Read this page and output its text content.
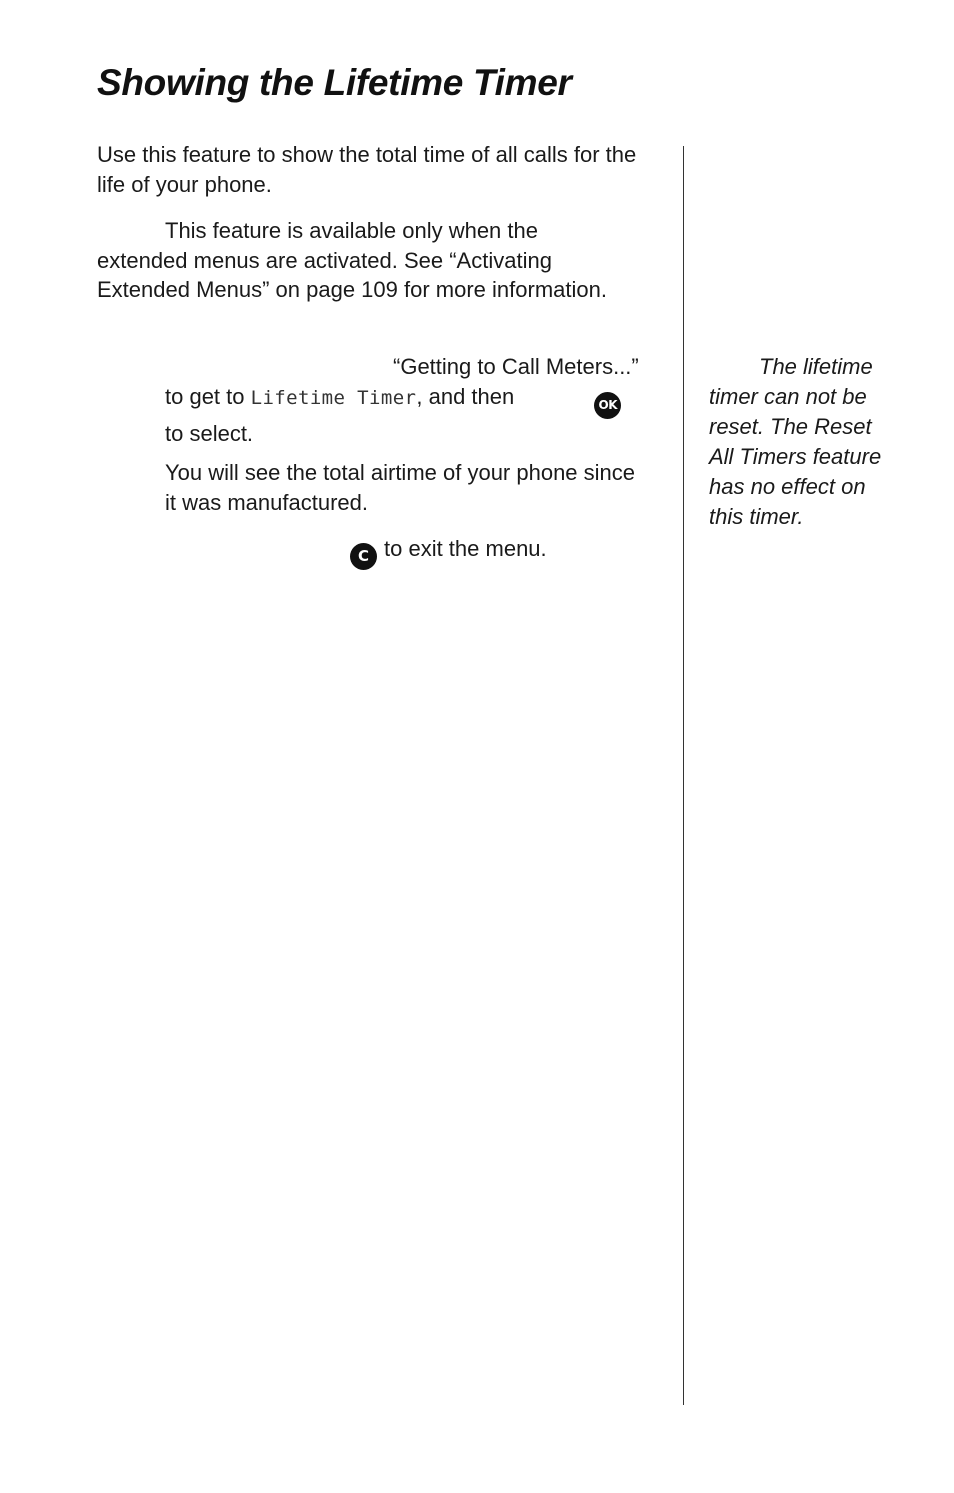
Showing the Lifetime Timer

Use this feature to show the total time of all calls for the life of your phone.

This feature is available only when the extended menus are activated. See “Activating Extended Menus” on page 109 for more information.

“Getting to Call Meters...” to get to Lifetime Timer, and then	OKto select.

You will see the total airtime of your phone since it was manufactured.

C to exit the menu.

The lifetime timer can not be reset. The Reset All Timers feature has no effect on this timer.
